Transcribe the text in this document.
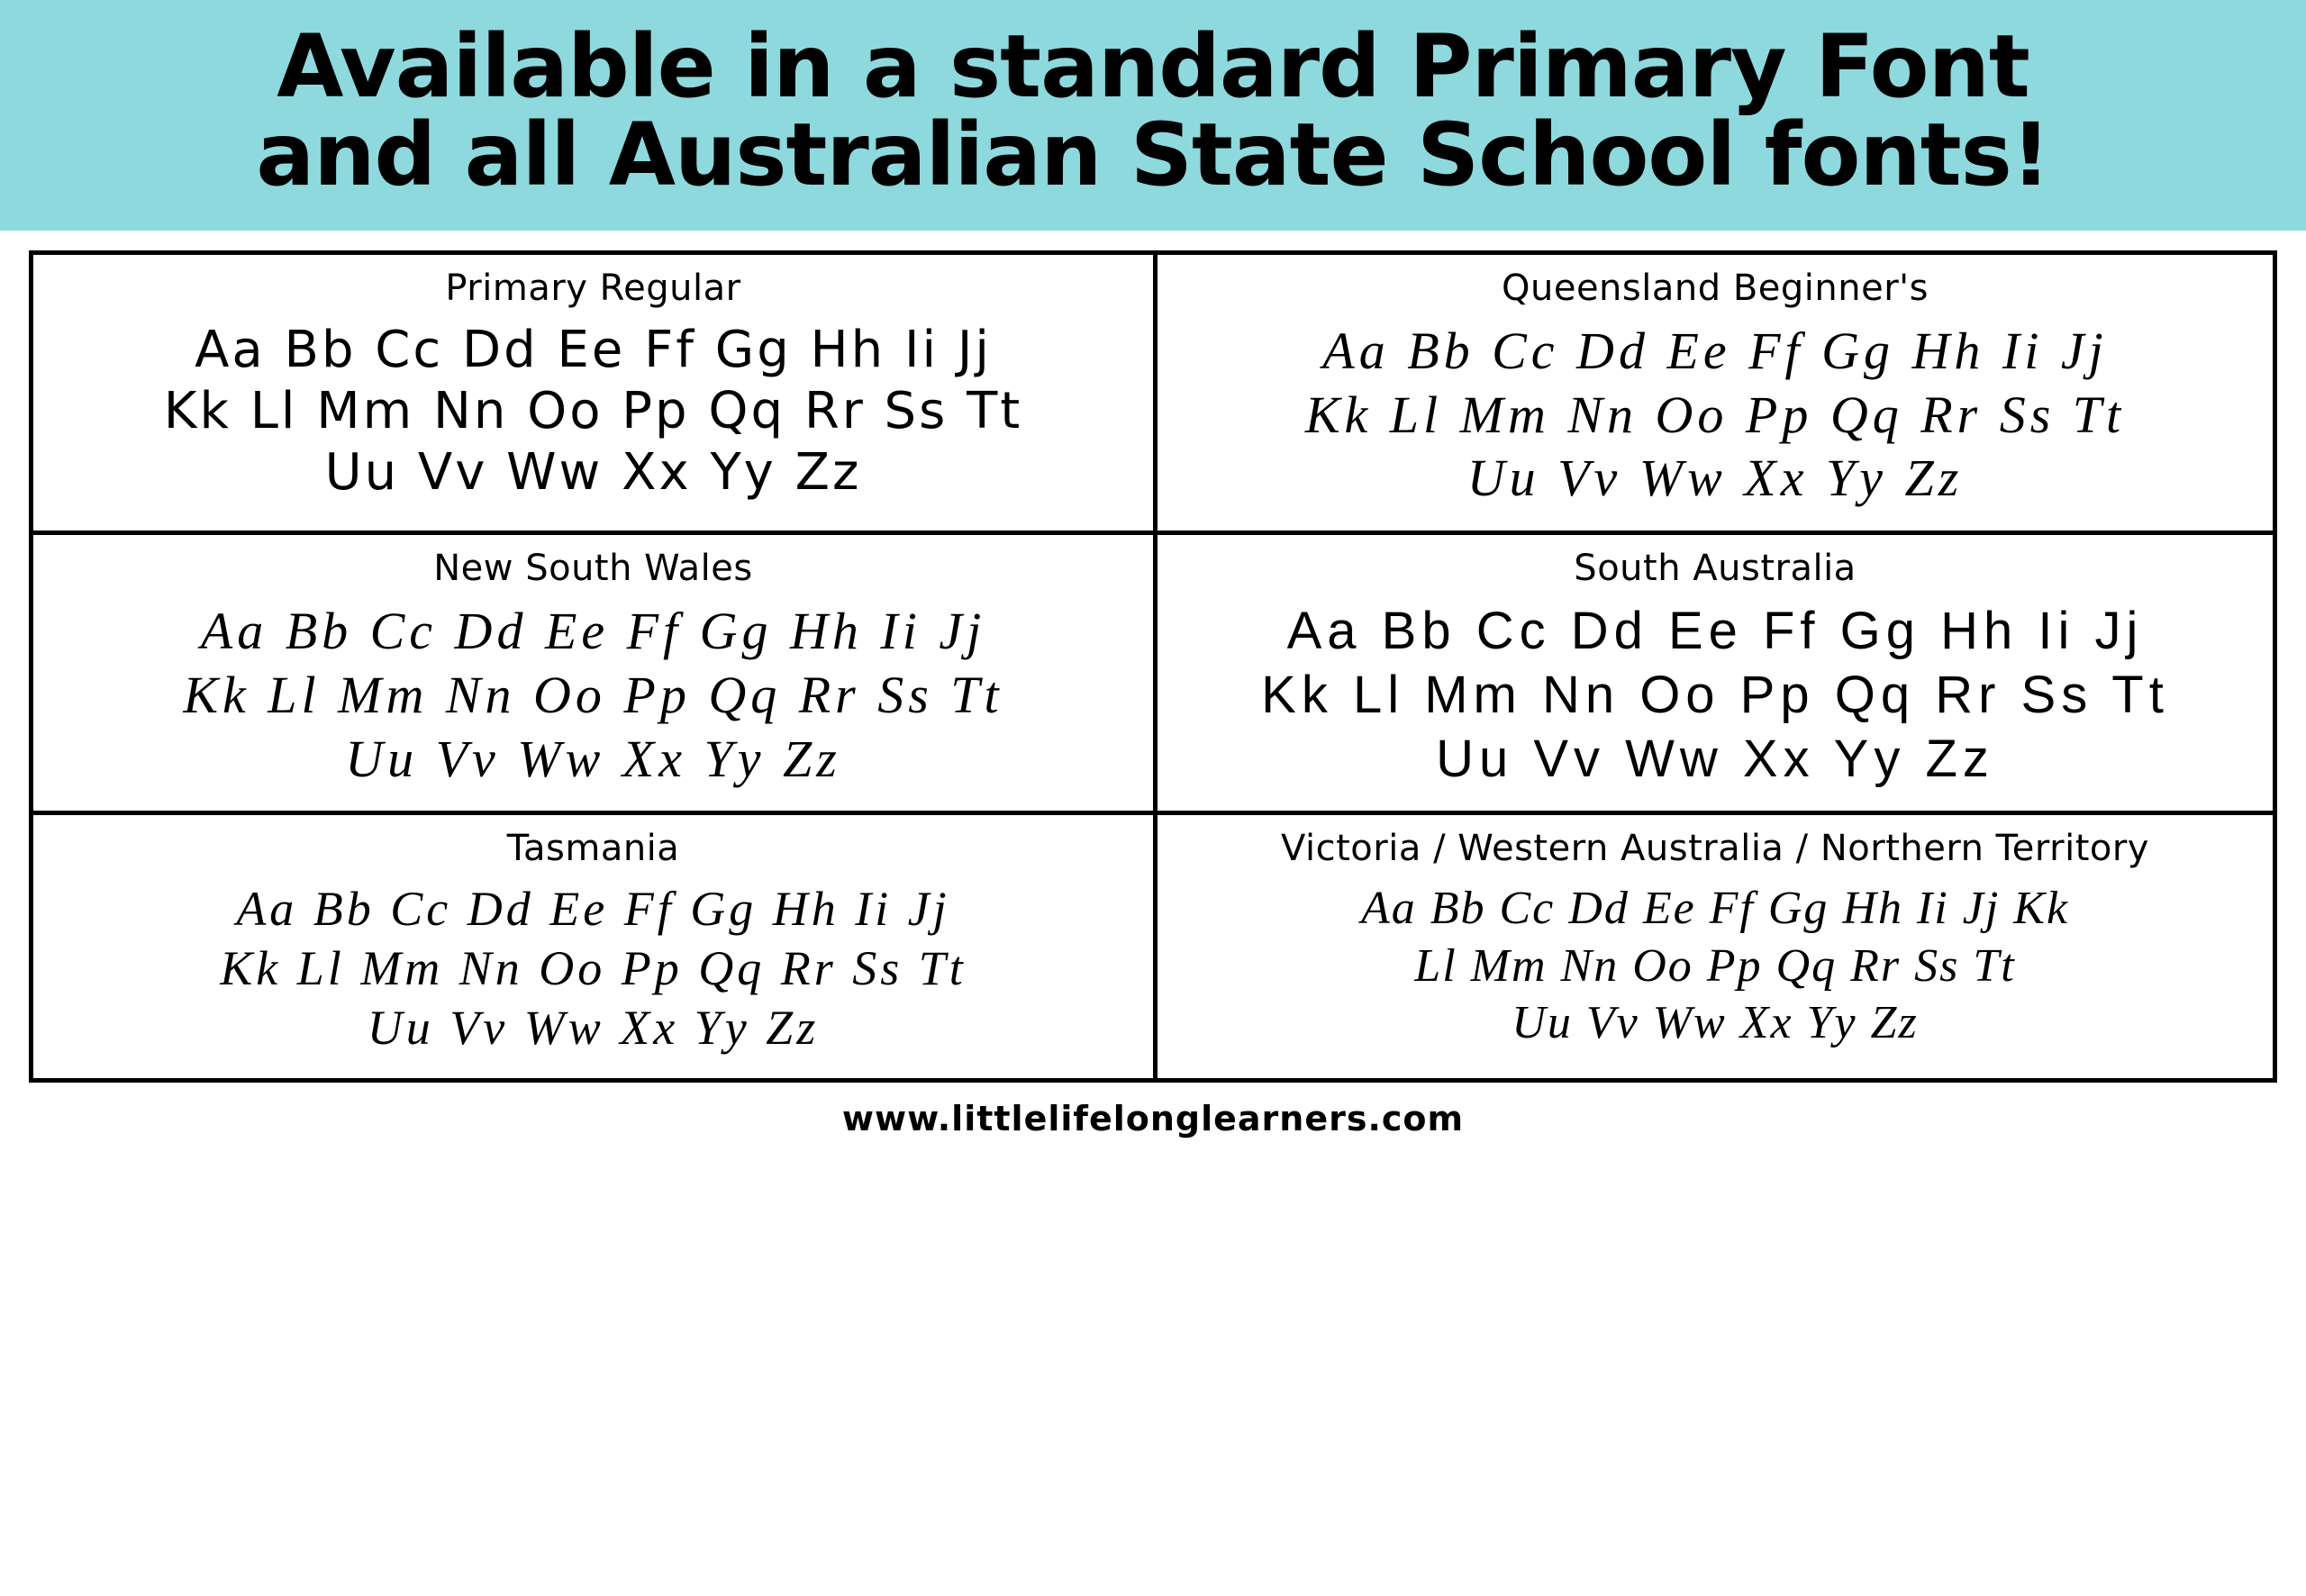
Available in a standard Primary Font
and all Australian State School fonts!
Primary Regular
Aa Bb Cc Dd Ee Ff Gg Hh Ii Jj
Kk Ll Mm Nn Oo Pp Qq Rr Ss Tt
Uu Vv Ww Xx Yy Zz
Queensland Beginner's
Aa Bb Cc Dd Ee Ff Gg Hh Ii Jj
Kk Ll Mm Nn Oo Pp Qq Rr Ss Tt
Uu Vv Ww Xx Yy Zz
New South Wales
Aa Bb Cc Dd Ee Ff Gg Hh Ii Jj
Kk Ll Mm Nn Oo Pp Qq Rr Ss Tt
Uu Vv Ww Xx Yy Zz
South Australia
Aa Bb Cc Dd Ee Ff Gg Hh Ii Jj
Kk Ll Mm Nn Oo Pp Qq Rr Ss Tt
Uu Vv Ww Xx Yy Zz
Tasmania
Aa Bb Cc Dd Ee Ff Gg Hh Ii Jj
Kk Ll Mm Nn Oo Pp Qq Rr Ss Tt
Uu Vv Ww Xx Yy Zz
Victoria / Western Australia / Northern Territory
Aa Bb Cc Dd Ee Ff Gg Hh Ii Jj Kk
Ll Mm Nn Oo Pp Qq Rr Ss Tt
Uu Vv Ww Xx Yy Zz
www.littlelifelonglearners.com
